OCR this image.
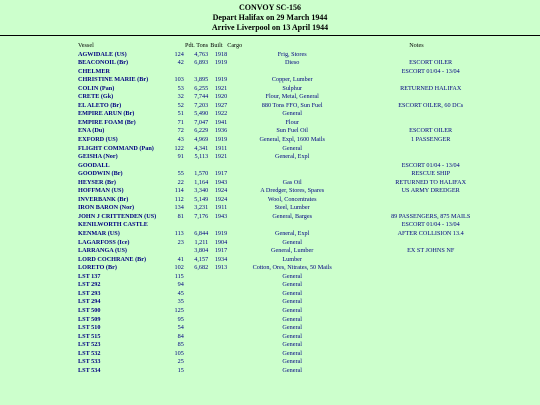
CONVOY SC-156
Depart Halifax on 29 March 1944
Arrive Liverpool on 13 April 1944
Vessel	Pdt. Tons		Built	Cargo	Notes
AGWIDALE (US)	124	4,763	1918	Frig, Stores	
BEACONOIL (Br)	42	6,893	1919	Dieso	ESCORT OILER
CHELMER					ESCORT 01/04 - 13/04
CHRISTINE MARIE (Br)	103	3,895	1919	Copper, Lumber	
COLIN (Pan)	53	6,255	1921	Sulphur	RETURNED HALIFAX
CRETE (Gk)	32	7,744	1920	Flour, Metal, General	
EL ALETO (Br)	52	7,203	1927	880 Tons FFO, Sun Fuel	ESCORT OILER, 60 DCs
EMPIRE ARUN (Br)	51	5,490	1922	General	
EMPIRE FOAM (Br)	71	7,047	1941	Flour	
ENA (Du)	72	6,229	1936	Sun Fuel Oil	ESCORT OILER
EXFORD (US)	43	4,969	1919	General, Expl, 1600 Mails	1 PASSENGER
FLIGHT COMMAND (Pan)	122	4,341	1911	General	
GEISHA (Nor)	91	5,113	1921	General, Expl	
GOODALL					ESCORT 01/04 - 13/04
GOODWIN (Br)	55	1,570	1917		RESCUE SHIP
HEYSER (Br)	22	1,164	1943	Gas Oil	RETURNED TO HALIFAX
HOFFMAN (US)	114	3,340	1924	A Dredger, Stores, Spares	US ARMY DREDGER
INVERBANK (Br)	112	5,149	1924	Wool, Concentrates	
IRON BARON (Nor)	134	3,231	1911	Steel, Lumber	
JOHN J CRITTENDEN (US)	81	7,176	1943	General, Barges	89 PASSENGERS, 875 MAILS
KENILWORTH CASTLE					ESCORT 01/04 - 13/04
KENMAR (US)	113	6,844	1919	General, Expl	AFTER COLLISION 13.4
LAGARFOSS (Ice)	23	1,211	1904	General	
LARRANGA (US)		3,804	1917	General, Lumber	EX ST JOHNS NF
LORD COCHRANE (Br)	41	4,157	1934	Lumber	
LORETO (Br)	102	6,682	1913	Cotton, Ores, Nitrates, 50 Mails	
LST 137	115			General	
LST 292	94			General	
LST 293	45			General	
LST 294	35			General	
LST 500	125			General	
LST 509	95			General	
LST 510	54			General	
LST 515	84			General	
LST 523	85			General	
LST 532	105			General	
LST 533	25			General	
LST 534	15			General	
